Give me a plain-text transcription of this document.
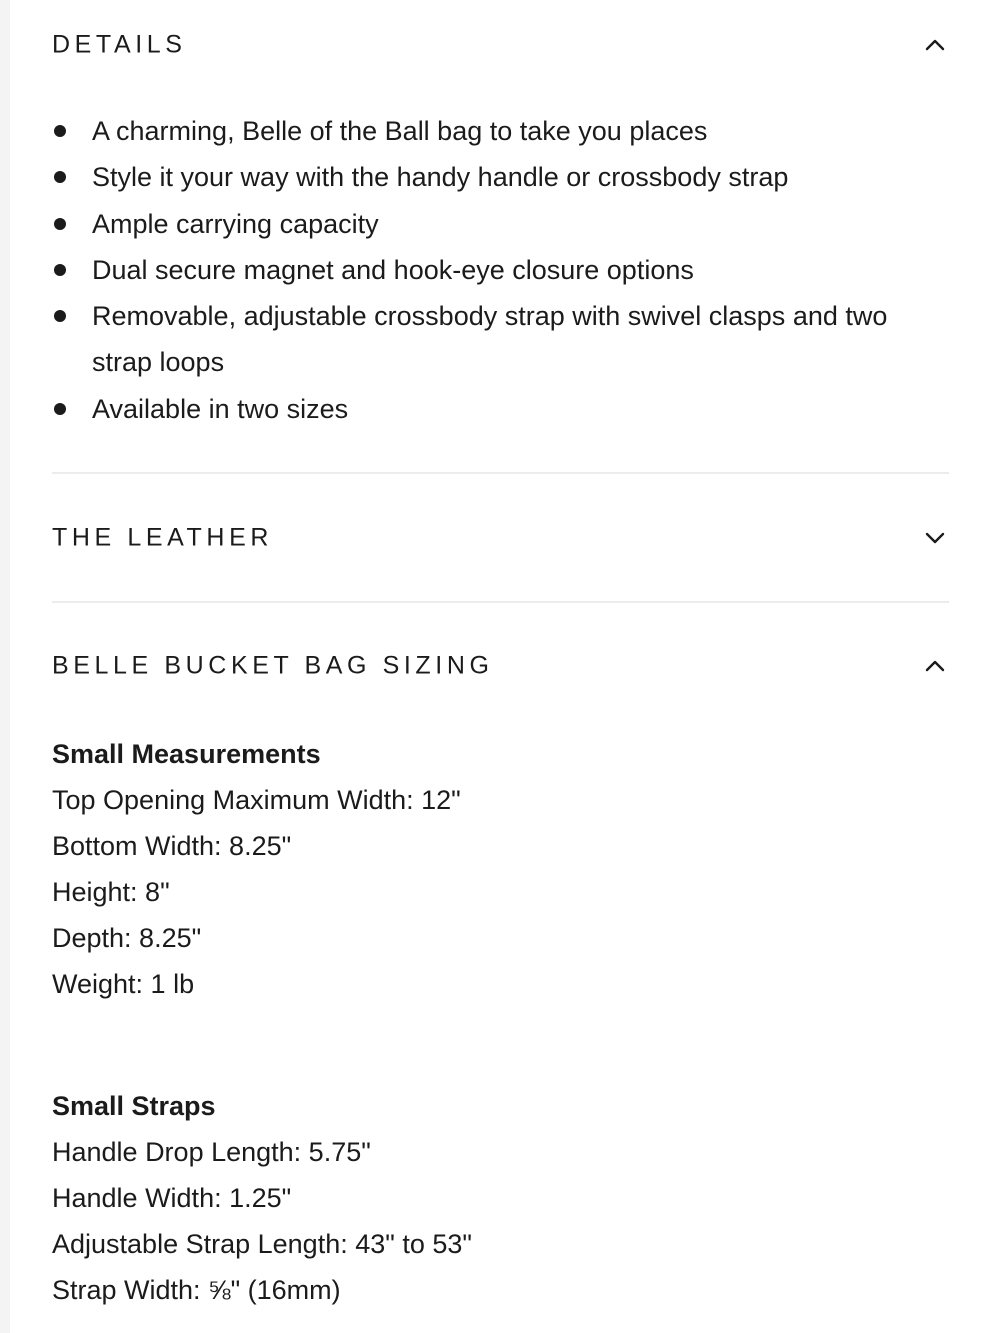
DETAILS
A charming, Belle of the Ball bag to take you places
Style it your way with the handy handle or crossbody strap
Ample carrying capacity
Dual secure magnet and hook-eye closure options
Removable, adjustable crossbody strap with swivel clasps and two strap loops
Available in two sizes
THE LEATHER
BELLE BUCKET BAG SIZING
Small Measurements
Top Opening Maximum Width: 12"
Bottom Width: 8.25"
Height: 8"
Depth: 8.25"
Weight: 1 lb
Small Straps
Handle Drop Length: 5.75"
Handle Width: 1.25"
Adjustable Strap Length: 43" to 53"
Strap Width: ⅝" (16mm)
